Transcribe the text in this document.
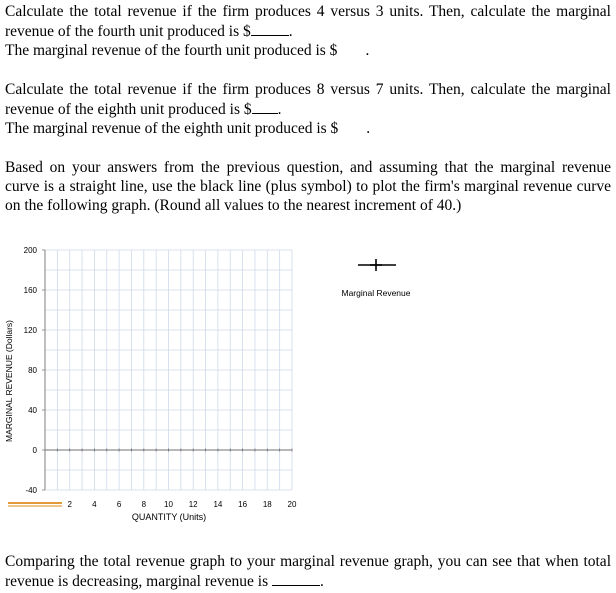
Calculate the total revenue if the firm produces 4 versus 3 units. Then, calculate the marginal revenue of the fourth unit produced is $ .

The marginal revenue of the fourth unit produced is $ .

Calculate the total revenue if the firm produces 8 versus 7 units. Then, calculate the marginal revenue of the eighth unit produced is $ .

The marginal revenue of the eighth unit produced is $ .

Based on your answers from the previous question, and assuming that the marginal revenue curve is a straight line, use the black line (plus symbol) to plot the firm's marginal revenue curve on the following graph. (Round all values to the nearest increment of 40.)

200
160
120
80
40
0
-40
2	4	6	8 10 12 14 16 18 20
MARGINAL REVENUE (Dollars)
QUANTITY (Units)
Marginal Revenue

Comparing the total revenue graph to your marginal revenue graph, you can see that when total revenue is decreasing, marginal revenue is	.
